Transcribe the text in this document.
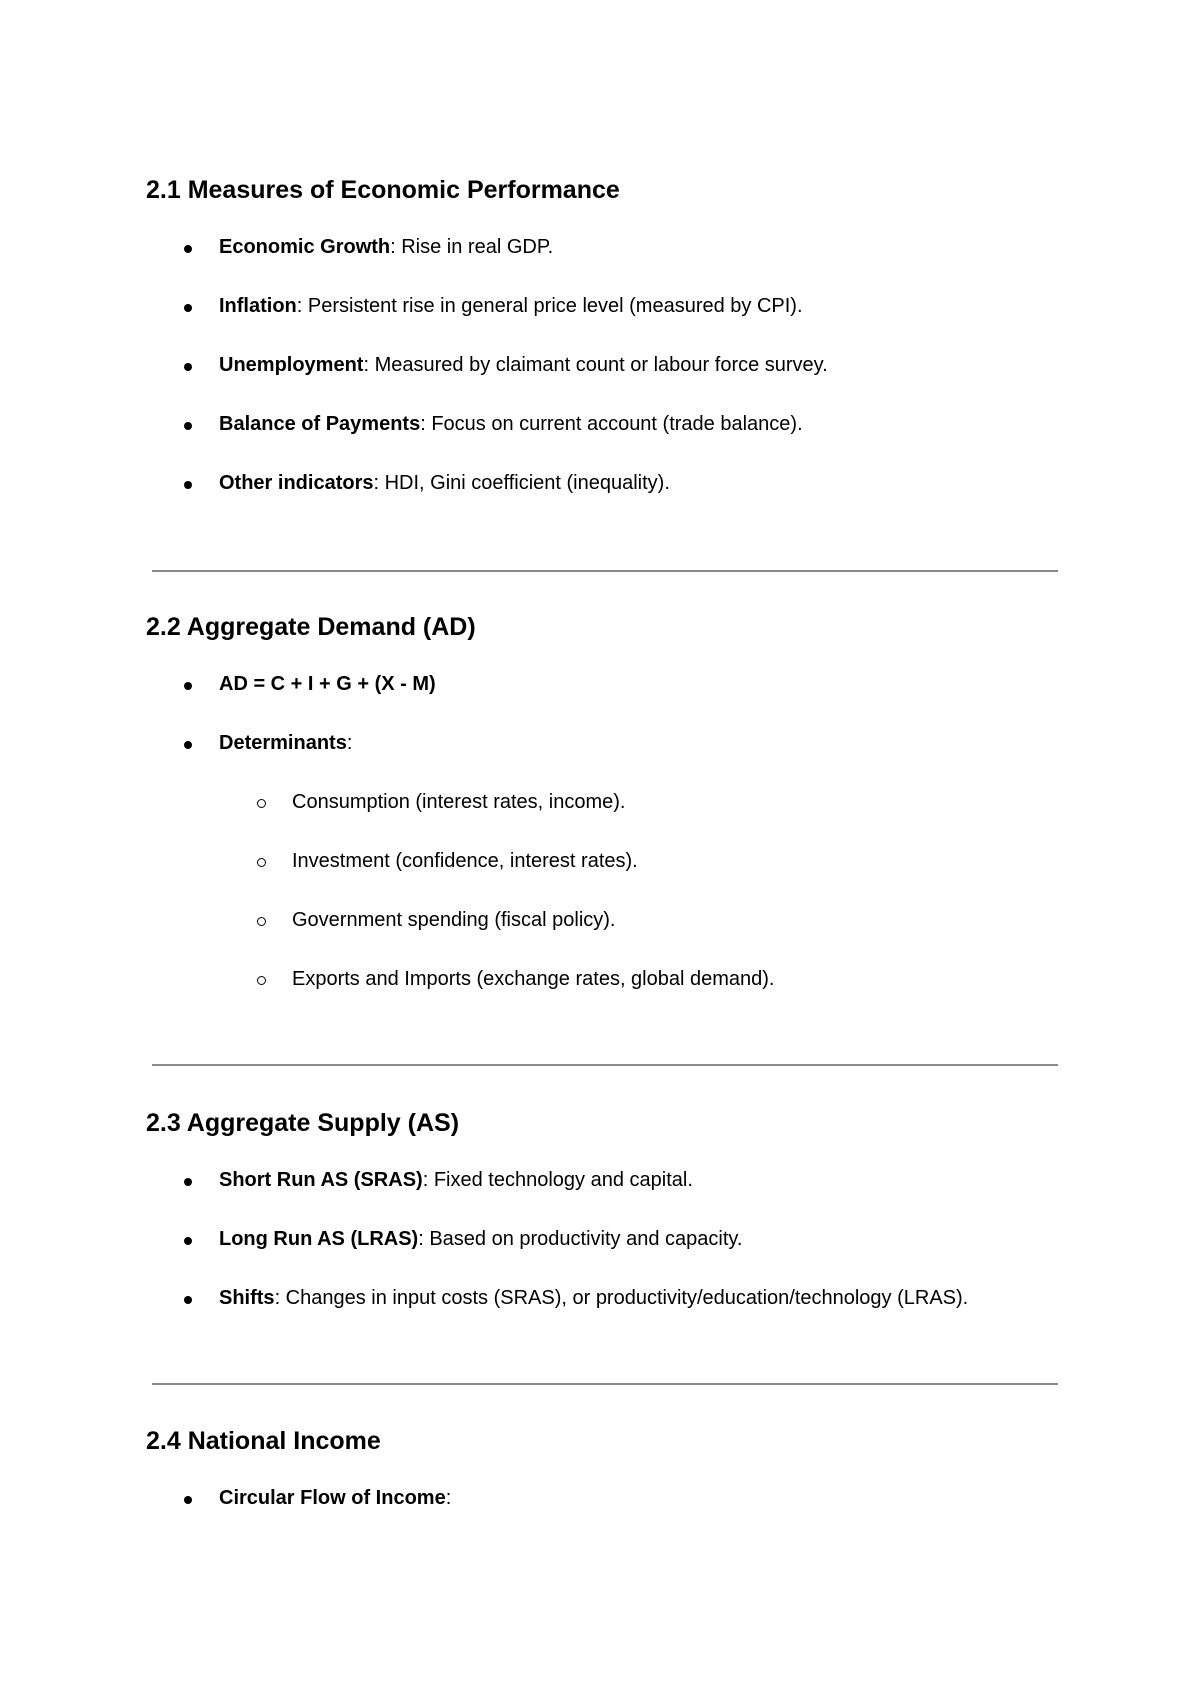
2.1 Measures of Economic Performance
Economic Growth: Rise in real GDP.
Inflation: Persistent rise in general price level (measured by CPI).
Unemployment: Measured by claimant count or labour force survey.
Balance of Payments: Focus on current account (trade balance).
Other indicators: HDI, Gini coefficient (inequality).
2.2 Aggregate Demand (AD)
AD = C + I + G + (X - M)
Determinants:
Consumption (interest rates, income).
Investment (confidence, interest rates).
Government spending (fiscal policy).
Exports and Imports (exchange rates, global demand).
2.3 Aggregate Supply (AS)
Short Run AS (SRAS): Fixed technology and capital.
Long Run AS (LRAS): Based on productivity and capacity.
Shifts: Changes in input costs (SRAS), or productivity/education/technology (LRAS).
2.4 National Income
Circular Flow of Income:
